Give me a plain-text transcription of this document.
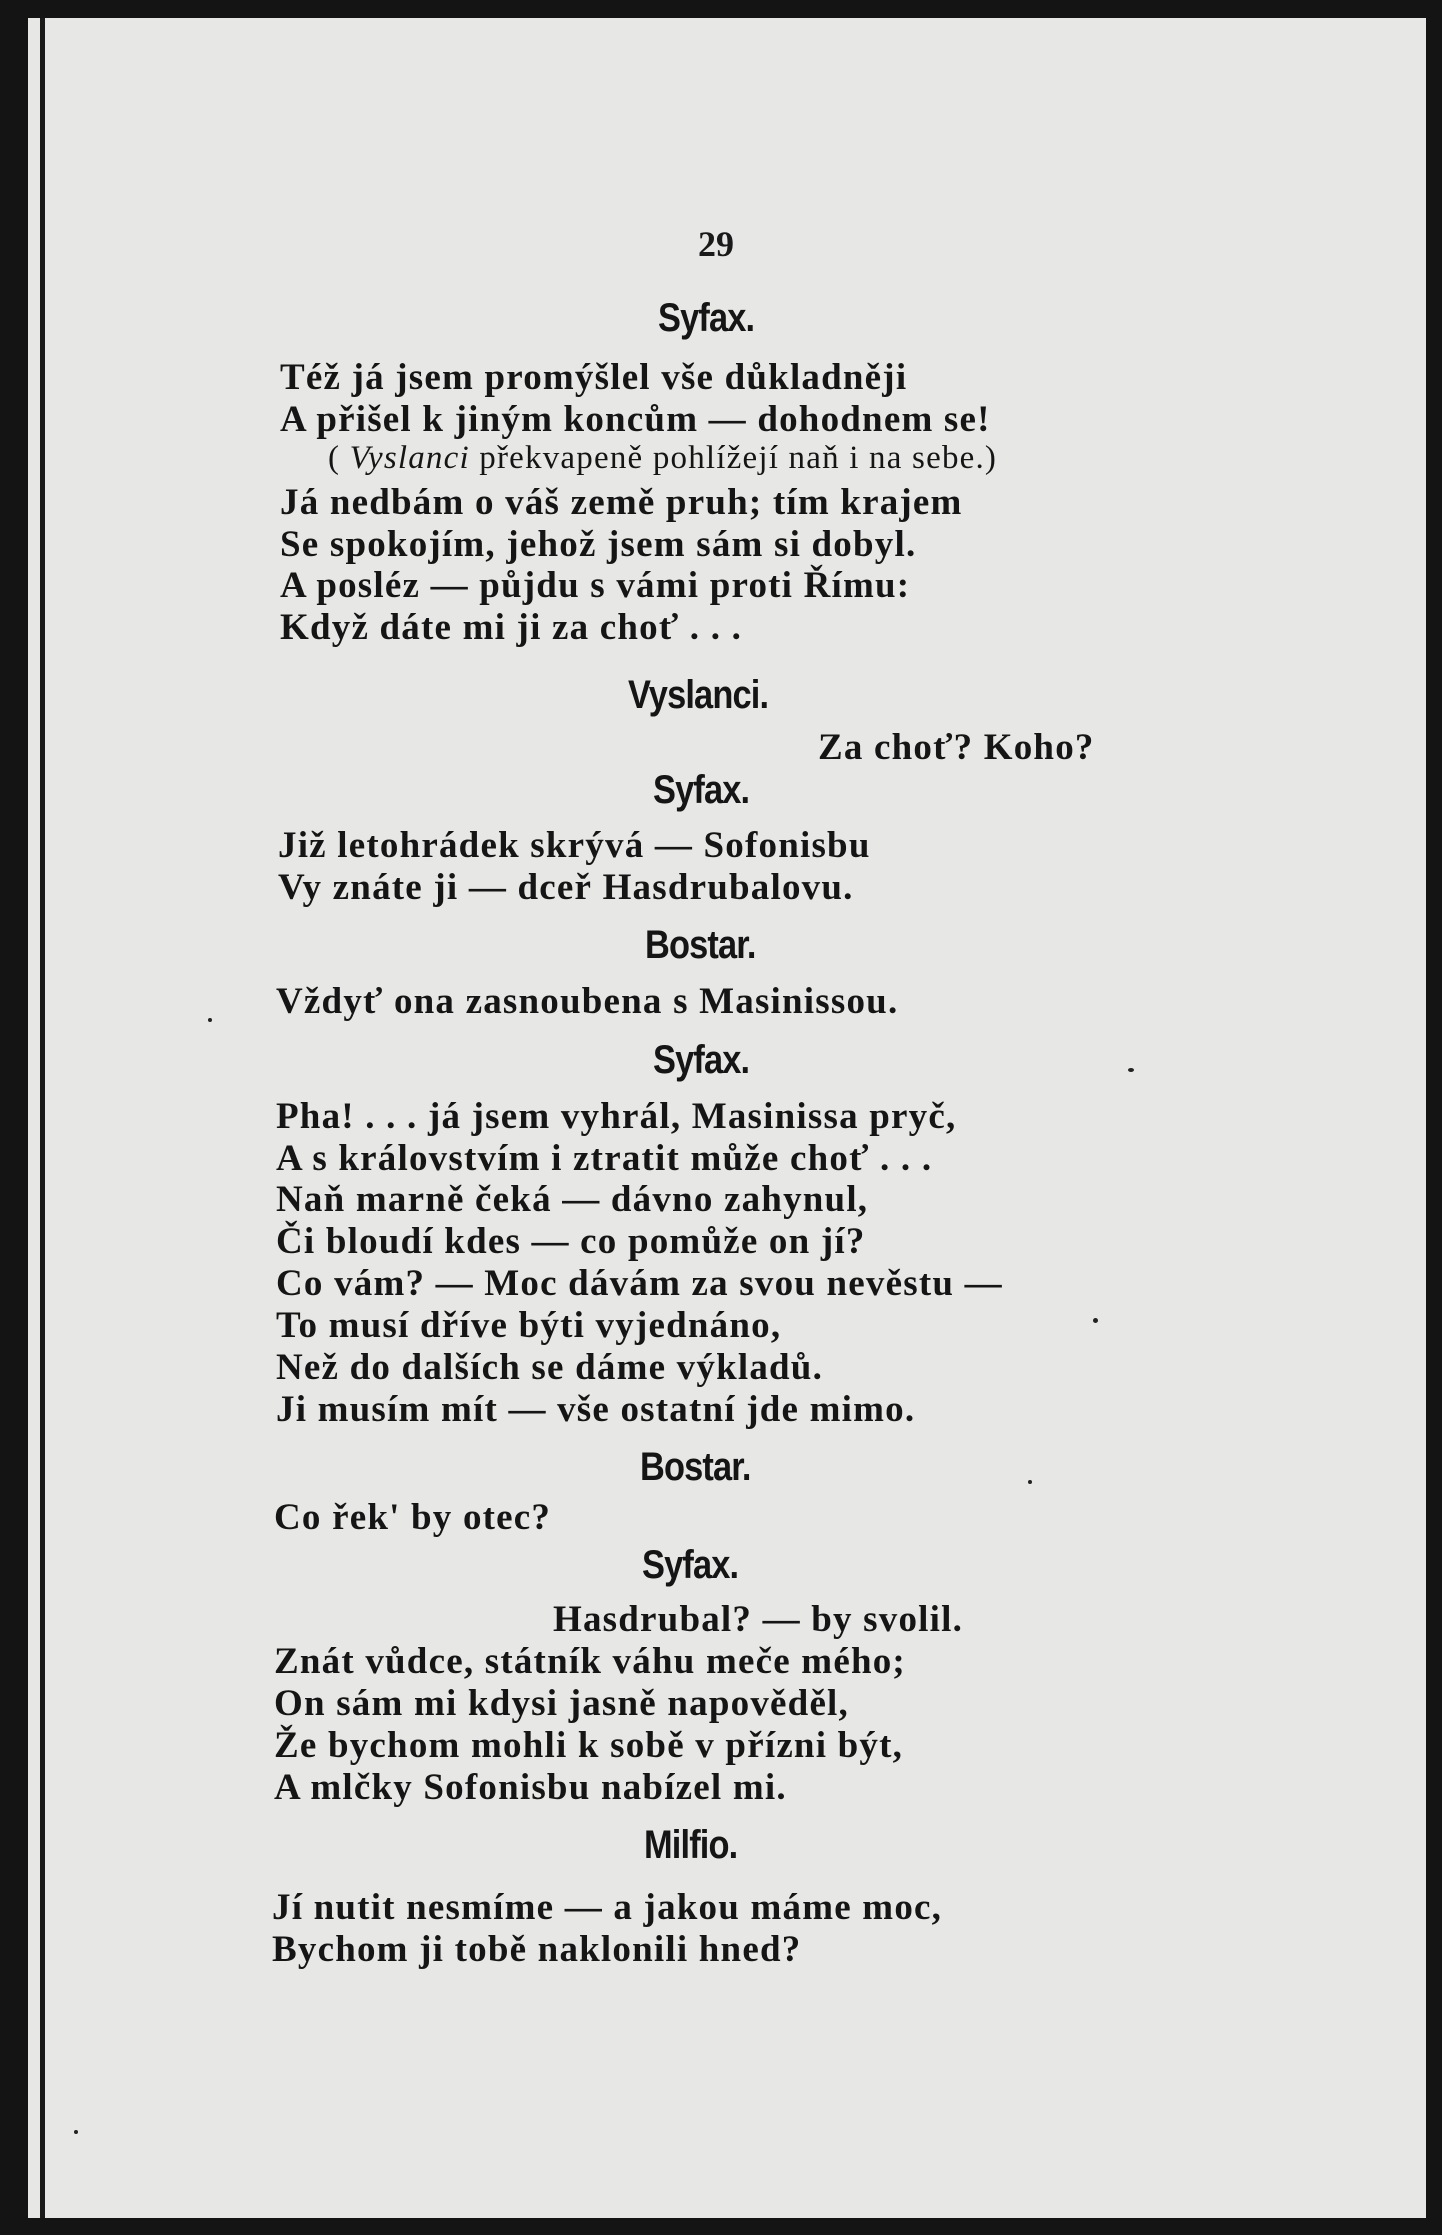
29
Syfax.
Též já jsem promýšlel vše důkladněji
A přišel k jiným koncům — dohodnem se!
( Vyslanci překvapeně pohlížejí naň i na sebe.)
Já nedbám o váš země pruh; tím krajem
Se spokojím, jehož jsem sám si dobyl.
A posléz — půjdu s vámi proti Římu:
Když dáte mi ji za choť . . .
Vyslanci.
Za choť? Koho?
Syfax.
Již letohrádek skrývá — Sofonisbu
Vy znáte ji — dceř Hasdrubalovu.
Bostar.
Vždyť ona zasnoubena s Masinissou.
Syfax.
Pha! . . . já jsem vyhrál, Masinissa pryč,
A s královstvím i ztratit může choť . . .
Naň marně čeká — dávno zahynul,
Či bloudí kdes — co pomůže on jí?
Co vám? — Moc dávám za svou nevěstu —
To musí dříve býti vyjednáno,
Než do dalších se dáme výkladů.
Ji musím mít — vše ostatní jde mimo.
Bostar.
Co řek' by otec?
Syfax.
Hasdrubal? — by svolil.
Znát vůdce, státník váhu meče mého;
On sám mi kdysi jasně napověděl,
Že bychom mohli k sobě v přízni být,
A mlčky Sofonisbu nabízel mi.
Milfio.
Jí nutit nesmíme — a jakou máme moc,
Bychom ji tobě naklonili hned?
